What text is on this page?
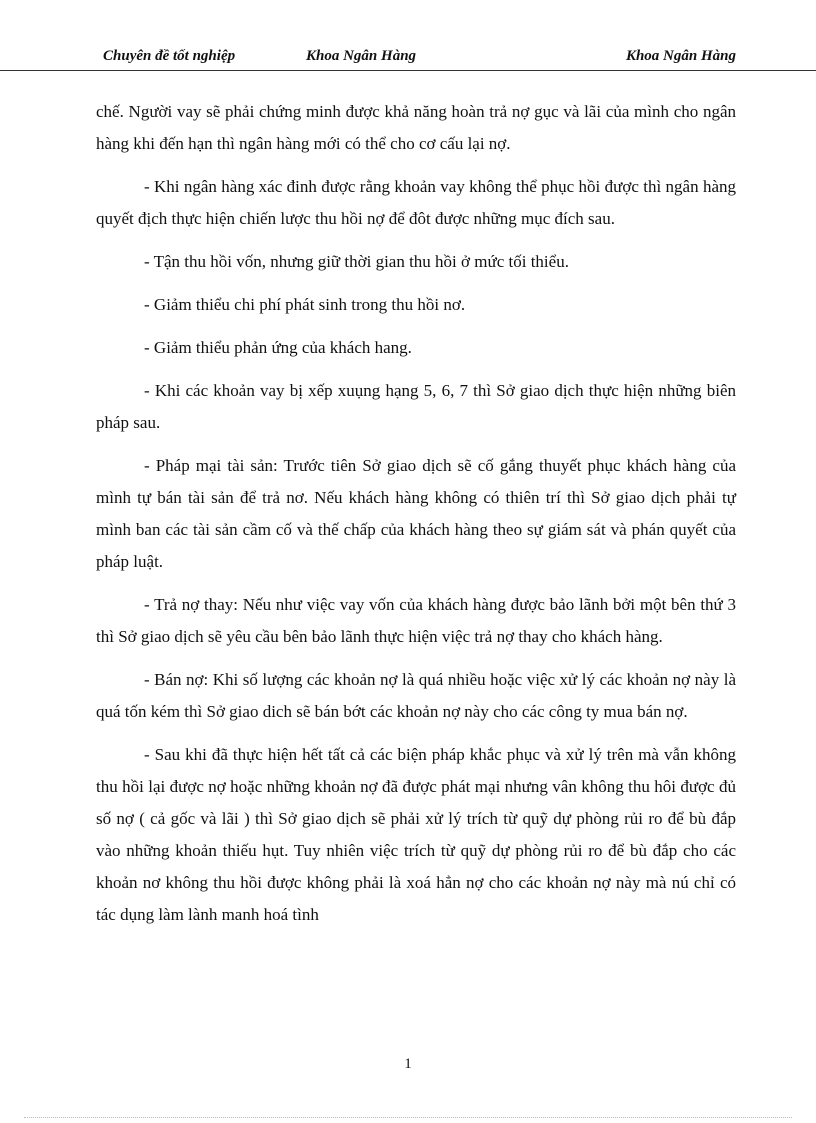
Chuyên đề tốt nghiệp	Khoa Ngân Hàng	Khoa Ngân Hàng

chế. Người vay sẽ phải chứng minh được khả năng hoàn trả nợ gục và lãi của mình cho ngân hàng khi đến hạn thì ngân hàng mới có thể cho cơ cấu lại nợ.

- Khi ngân hàng xác đinh được rằng khoản vay không thể phục hồi được thì ngân hàng quyết địch thực hiện chiến lược thu hồi nợ để đôt được những mục đích sau.

- Tận thu hồi vốn, nhưng giữ thời gian thu hồi ở mức tối thiểu.

- Giảm thiểu chi phí phát sinh trong thu hồi nơ.

- Giảm thiểu phản ứng của khách hang.

- Khi các khoản vay bị xếp xuụng hạng 5, 6, 7 thì Sở giao dịch thực hiện những biên pháp sau.

- Pháp mại tài sản: Trước tiên Sở giao dịch sẽ cố gắng thuyết phục khách hàng của mình tự bán tài sản để trả nơ. Nếu khách hàng không có thiên trí thì Sở giao dịch phải tự mình ban các tài sản cầm cố và thế chấp của khách hàng theo sự giám sát và phán quyết của pháp luật.

- Trả nợ thay: Nếu như việc vay vốn của khách hàng được bảo lãnh bởi một bên thứ 3 thì Sở giao dịch sẽ yêu cầu bên bảo lãnh thực hiện việc trả nợ thay cho khách hàng.

- Bán nợ: Khi số lượng các khoản nợ là quá nhiều hoặc việc xử lý các khoản nợ này là quá tốn kém thì Sở giao dich sẽ bán bớt các khoản nợ này cho các công ty mua bán nợ.

- Sau khi đã thực hiện hết tất cả các biện pháp khắc phục và xử lý trên mà vẫn không thu hồi lại được nợ hoặc những khoản nợ đã được phát mại nhưng vân không thu hôi được đủ số nợ ( cả gốc và lãi ) thì Sở giao dịch sẽ phải xử lý trích từ quỹ dự phòng rủi ro để bù đắp vào những khoản thiếu hụt. Tuy nhiên việc trích từ quỹ dự phòng rủi ro để bù đắp cho các khoản nơ không thu hồi được không phải là xoá hẳn nợ cho các khoản nợ này mà nú chỉ có tác dụng làm lành manh hoá tình

1
